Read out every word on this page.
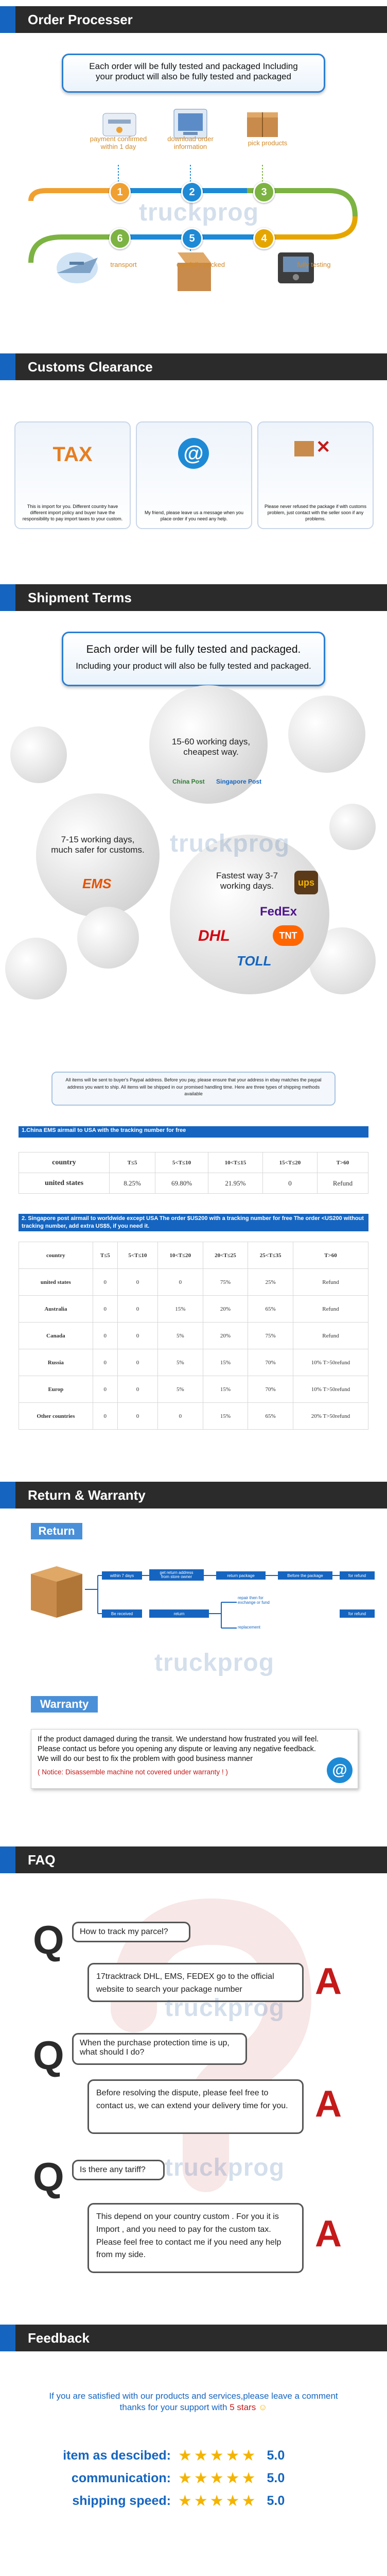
Order Processer
Each order will be fully tested and packaged Including
your product will also be fully tested and packaged
payment confirmed
within 1 day
download order
information	pick products
fully testing
carefully packed
transport
1	2	3
4
5
6
truckprog
Customs Clearance
TAX
This is import for you. Different country have different import policy and buyer have the responsibility to pay import taxes to your custom.
@
My friend, please leave us a message when you place order if you need any help.
✕
Please never refused the package if with customs problem, just contact with the seller soon if any problems.
Shipment Terms
Each order will be fully tested and packaged.
Including your product will also be fully tested and packaged.
15-60 working days,
cheapest way.
China Post Singapore Post
7-15 working days,
much safer for customs.
EMS
Fastest way 3-7
working days.	ups
FedEx
DHL	TNT
TOLL
truckprog
All items will be sent to buyer's Paypal address. Before you pay, please ensure that your address in ebay matches the paypal address you want to ship. All items will be shipped in our promised handling time. Here are three types of shipping methods available
1.China EMS airmail to USA with the tracking number for free
country	T≤5	5<T≤10	10<T≤15	15<T≤20	T>60
united states	8.25%	69.80%	21.95%	0	Refund
2. Singapore post airmail to worldwide except USA The order $US200 with a tracking number for free The order <US200 without tracking number, add extra US$5, if you need it.
country	T≤5	5<T≤10	10<T≤20	20<T≤25	25<T≤35	T>60
united states	0	0	0	75%	25%	Refund
Australia	0	0	15%	20%	65%	Refund
Canada	0	0	5%	20%	75%	Refund
Russia	0	0	5%	15%	70%	10% T>50refund
Europ	0	0	5%	15%	70%	10% T>50refund
Other countries	0	0	0	15%	65%	20% T>50refund
Return & Warranty
Return
within 7 days
get return address
from store owner	return package	Before the package	for refund
Be received	return
repair then for
exchange or fund
replacement
for refund
truckprog
Warranty
If the product damaged during the transit. We understand how frustrated you will feel. Please contact us before you opening any dispute or leaving any negative feedback. We will do our best to fix the problem with good business manner
( Notice: Disassemble machine not covered under warranty ! )	@
FAQ
Q	How to track my parcel?
17tracktrack DHL, EMS, FEDEX go to the official website to search your package number	A
truckprog
Q	When the purchase protection time is up, what should I do?
Before resolving the dispute, please feel free to contact us, we can extend your delivery time for you. A
Q	Is there any tariff? truckprog
This depend on your country custom . For you it is Import , and you need to pay for the custom tax. Please feel free to contact me if you need any help from my side.
A
Feedback
If you are satisfied with our products and services,please leave a comment
thanks for your support with 5 stars ☺
item as descibed: ★★★★★ 5.0
communication: ★★★★★ 5.0
shipping speed: ★★★★★ 5.0
